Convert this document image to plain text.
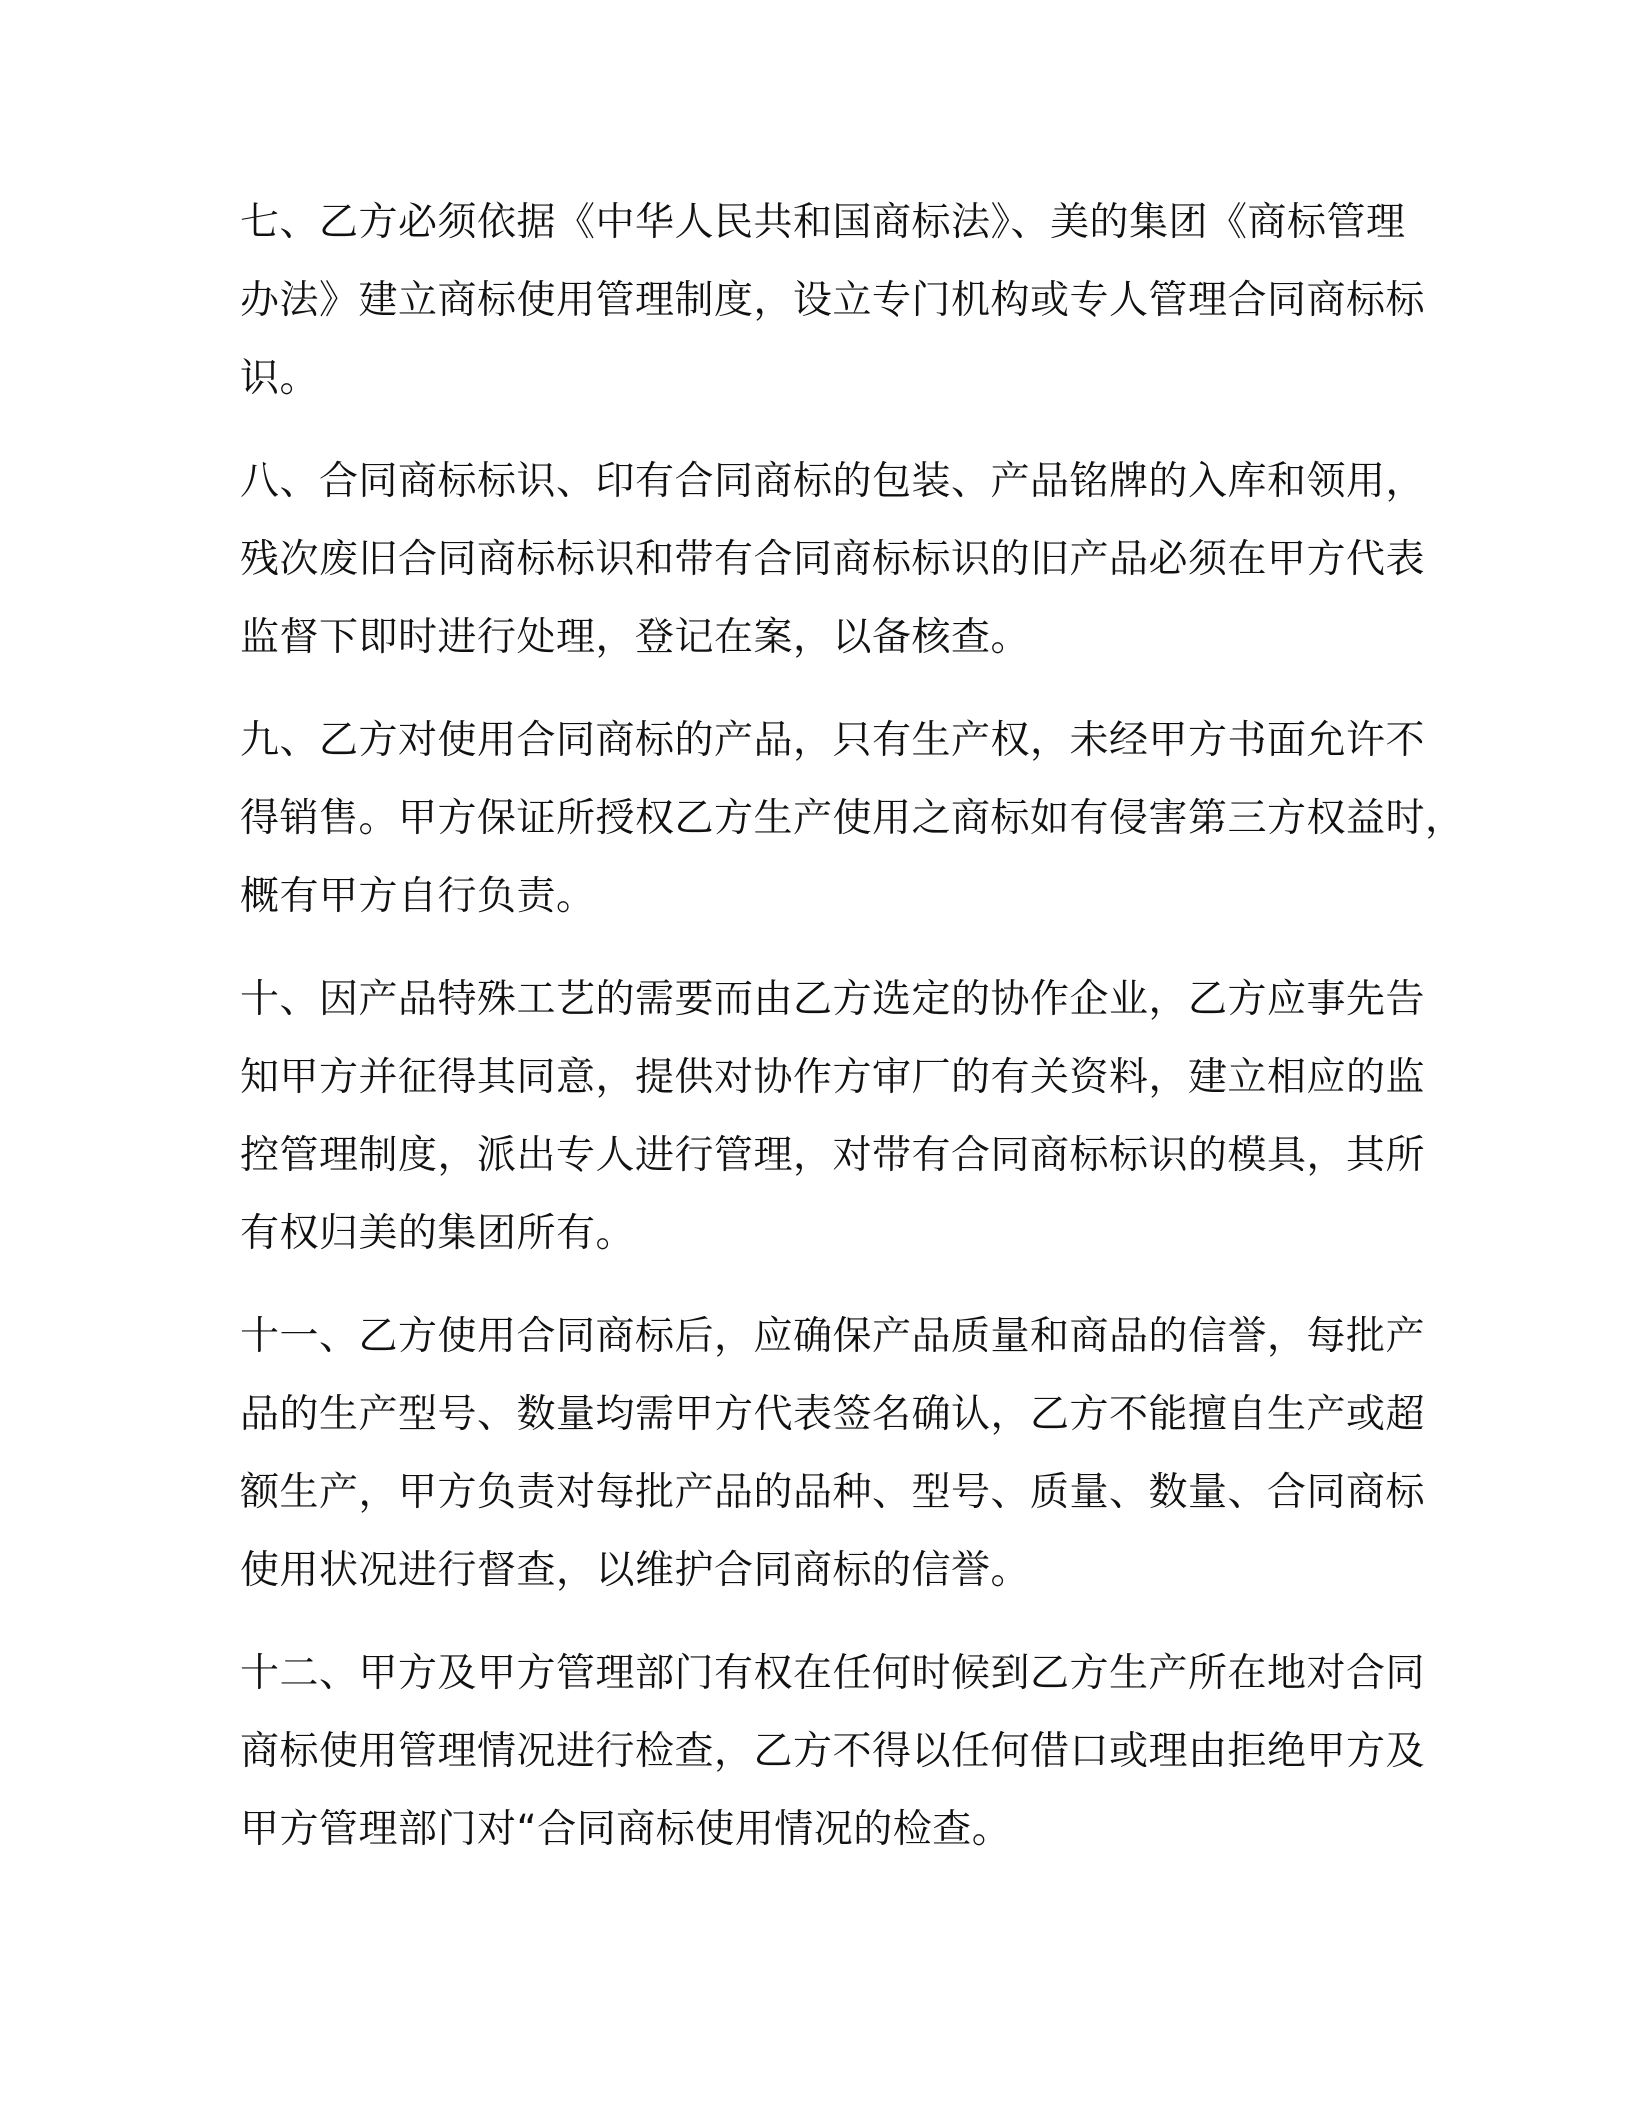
七、乙方必须依据《中华人民共和国商标法》、美的集团《商标管理
办法》建立商标使用管理制度，设立专门机构或专人管理合同商标标
识。

八、合同商标标识、印有合同商标的包装、产品铭牌的入库和领用，
残次废旧合同商标标识和带有合同商标标识的旧产品必须在甲方代表
监督下即时进行处理，登记在案，以备核查。

九、乙方对使用合同商标的产品，只有生产权，未经甲方书面允许不
得销售。甲方保证所授权乙方生产使用之商标如有侵害第三方权益时，
概有甲方自行负责。

十、因产品特殊工艺的需要而由乙方选定的协作企业，乙方应事先告
知甲方并征得其同意，提供对协作方审厂的有关资料，建立相应的监
控管理制度，派出专人进行管理，对带有合同商标标识的模具，其所
有权归美的集团所有。

十一、乙方使用合同商标后，应确保产品质量和商品的信誉，每批产
品的生产型号、数量均需甲方代表签名确认，乙方不能擅自生产或超
额生产，甲方负责对每批产品的品种、型号、质量、数量、合同商标
使用状况进行督查，以维护合同商标的信誉。

十二、甲方及甲方管理部门有权在任何时候到乙方生产所在地对合同
商标使用管理情况进行检查，乙方不得以任何借口或理由拒绝甲方及
甲方管理部门对“合同商标使用情况的检查。
